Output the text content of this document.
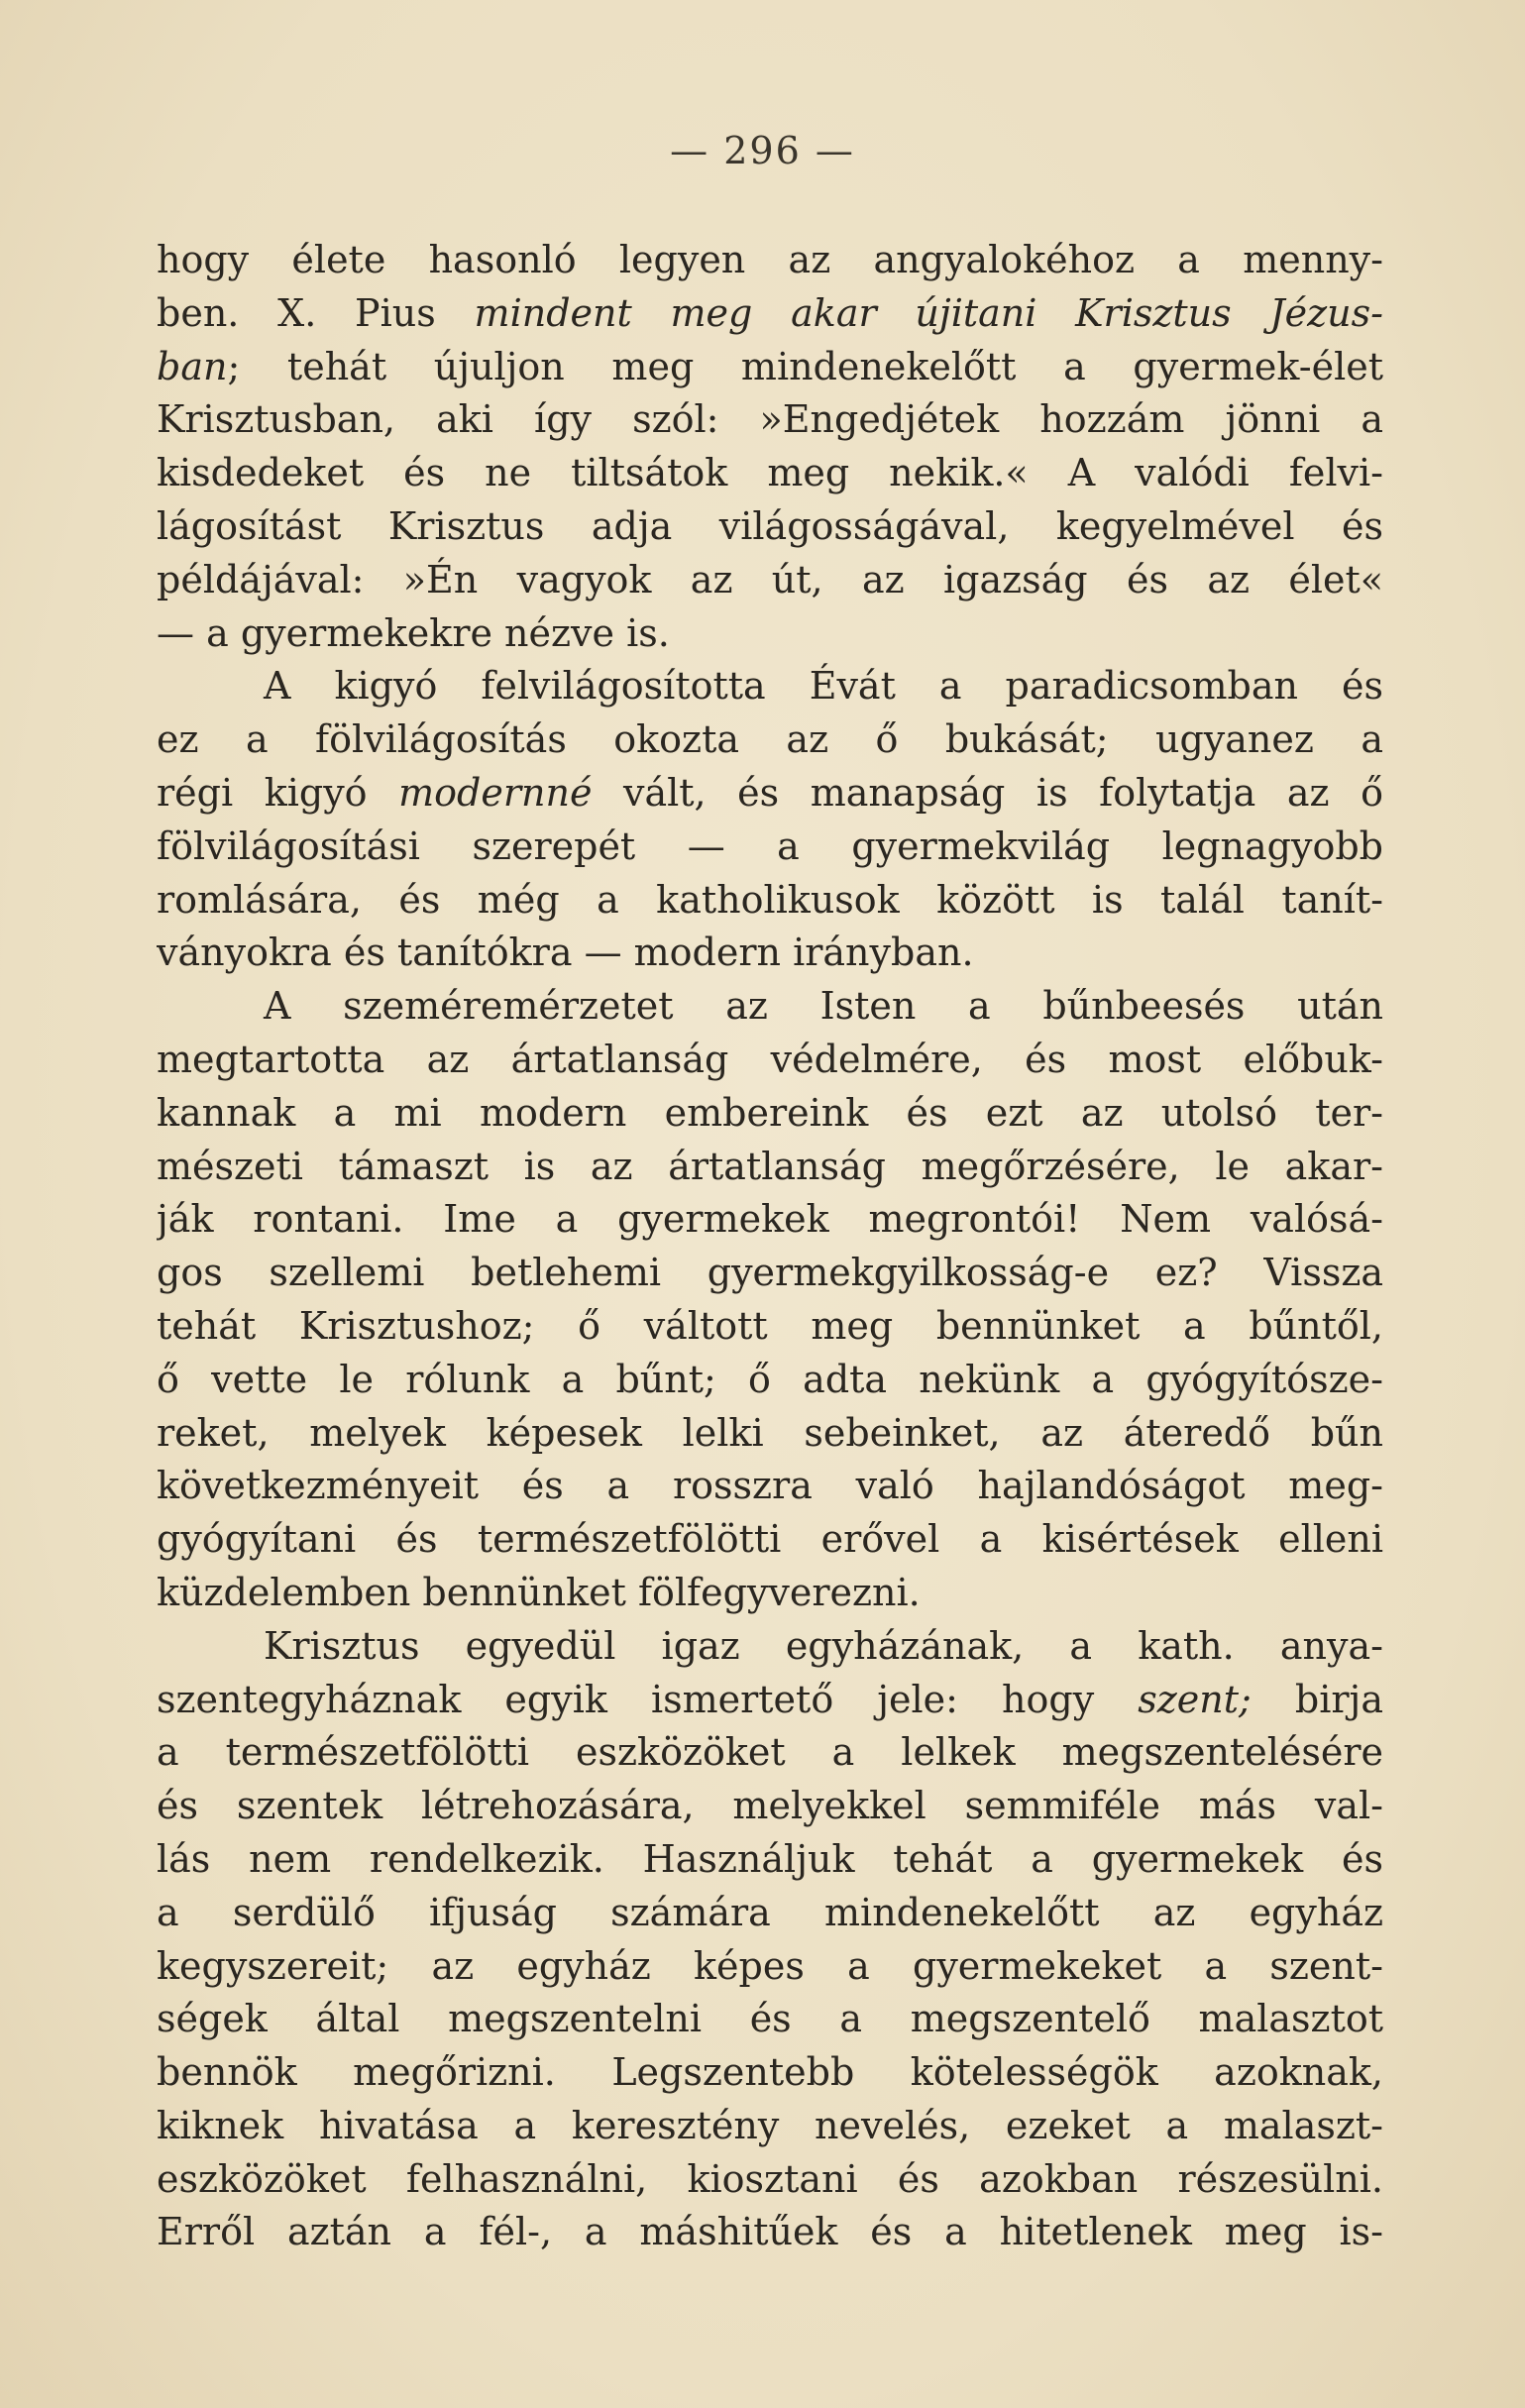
— 296 —
hogy élete hasonló legyen az angyalokéhoz a menny-
ben. X. Pius mindent meg akar újitani Krisztus Jézus-
ban; tehát újuljon meg mindenekelőtt a gyermek-élet
Krisztusban, aki így szól: »Engedjétek hozzám jönni a
kisdedeket és ne tiltsátok meg nekik.« A valódi felvi-
lágosítást Krisztus adja világosságával, kegyelmével és
példájával: »Én vagyok az út, az igazság és az élet«
— a gyermekekre nézve is.
A kigyó felvilágosította Évát a paradicsomban és
ez a fölvilágosítás okozta az ő bukását; ugyanez a
régi kigyó modernné vált, és manapság is folytatja az ő
fölvilágosítási szerepét — a gyermekvilág legnagyobb
romlására, és még a katholikusok között is talál tanít-
ványokra és tanítókra — modern irányban.
A szeméremérzetet az Isten a bűnbeesés után
megtartotta az ártatlanság védelmére, és most előbuk-
kannak a mi modern embereink és ezt az utolsó ter-
mészeti támaszt is az ártatlanság megőrzésére, le akar-
ják rontani. Ime a gyermekek megrontói! Nem valósá-
gos szellemi betlehemi gyermekgyilkosság-e ez? Vissza
tehát Krisztushoz; ő váltott meg bennünket a bűntől,
ő vette le rólunk a bűnt; ő adta nekünk a gyógyítósze-
reket, melyek képesek lelki sebeinket, az áteredő bűn
következményeit és a rosszra való hajlandóságot meg-
gyógyítani és természetfölötti erővel a kisértések elleni
küzdelemben bennünket fölfegyverezni.
Krisztus egyedül igaz egyházának, a kath. anya-
szentegyháznak egyik ismertető jele: hogy szent; birja
a természetfölötti eszközöket a lelkek megszentelésére
és szentek létrehozására, melyekkel semmiféle más val-
lás nem rendelkezik. Használjuk tehát a gyermekek és
a serdülő ifjuság számára mindenekelőtt az egyház
kegyszereit; az egyház képes a gyermekeket a szent-
ségek által megszentelni és a megszentelő malasztot
bennök megőrizni. Legszentebb kötelességök azoknak,
kiknek hivatása a keresztény nevelés, ezeket a malaszt-
eszközöket felhasználni, kiosztani és azokban részesülni.
Erről aztán a fél-, a máshitűek és a hitetlenek meg is-
